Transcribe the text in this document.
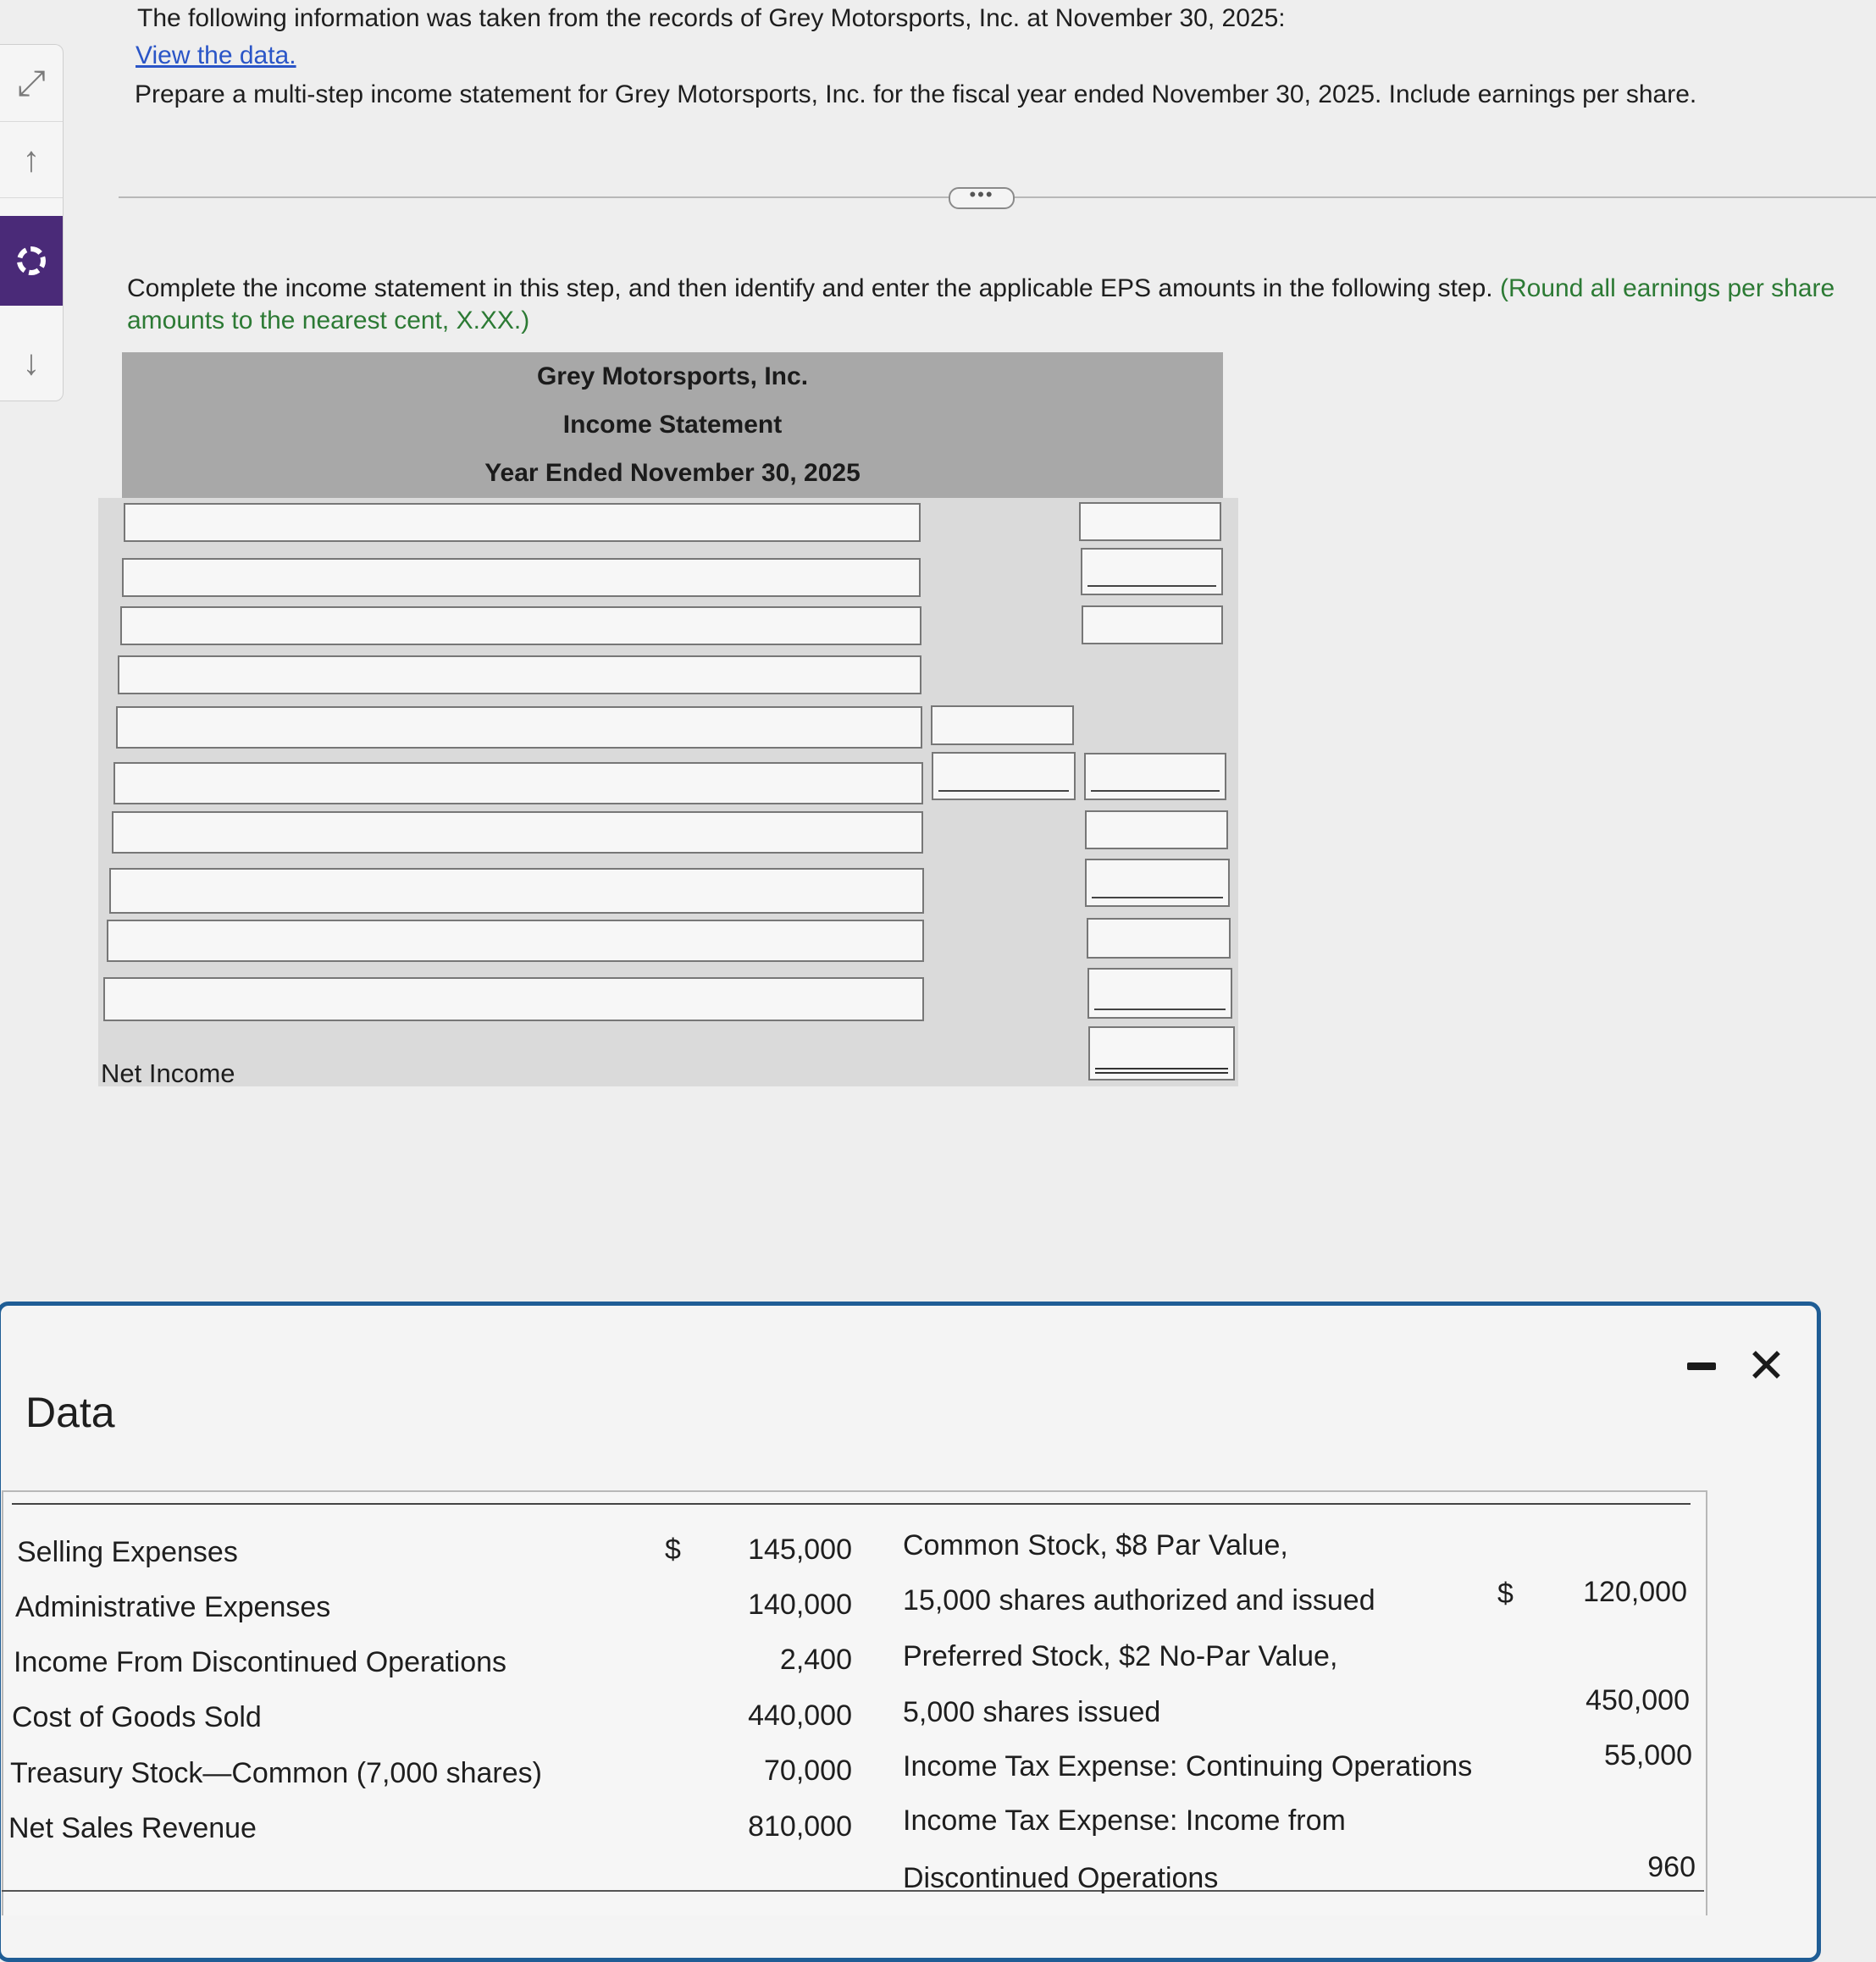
⤢
↑
↓
The following information was taken from the records of Grey Motorsports, Inc. at November 30, 2025:
View the data.
Prepare a multi-step income statement for Grey Motorsports, Inc. for the fiscal year ended November 30, 2025. Include earnings per share.
•••
Complete the income statement in this step, and then identify and enter the applicable EPS amounts in the following step. (Round all earnings per share amounts to the nearest cent, X.XX.)
Grey Motorsports, Inc.
Income Statement
Year Ended November 30, 2025
Net Income
Data
✕
Selling Expenses
Administrative Expenses
Income From Discontinued Operations
Cost of Goods Sold
Treasury Stock—Common (7,000 shares)
Net Sales Revenue
$	145,000
140,000
2,400
440,000
70,000
810,000
Common Stock, $8 Par Value,
15,000 shares authorized and issued
Preferred Stock, $2 No-Par Value,
5,000 shares issued
Income Tax Expense: Continuing Operations
Income Tax Expense: Income from
Discontinued Operations
$	120,000
450,000
55,000
960
